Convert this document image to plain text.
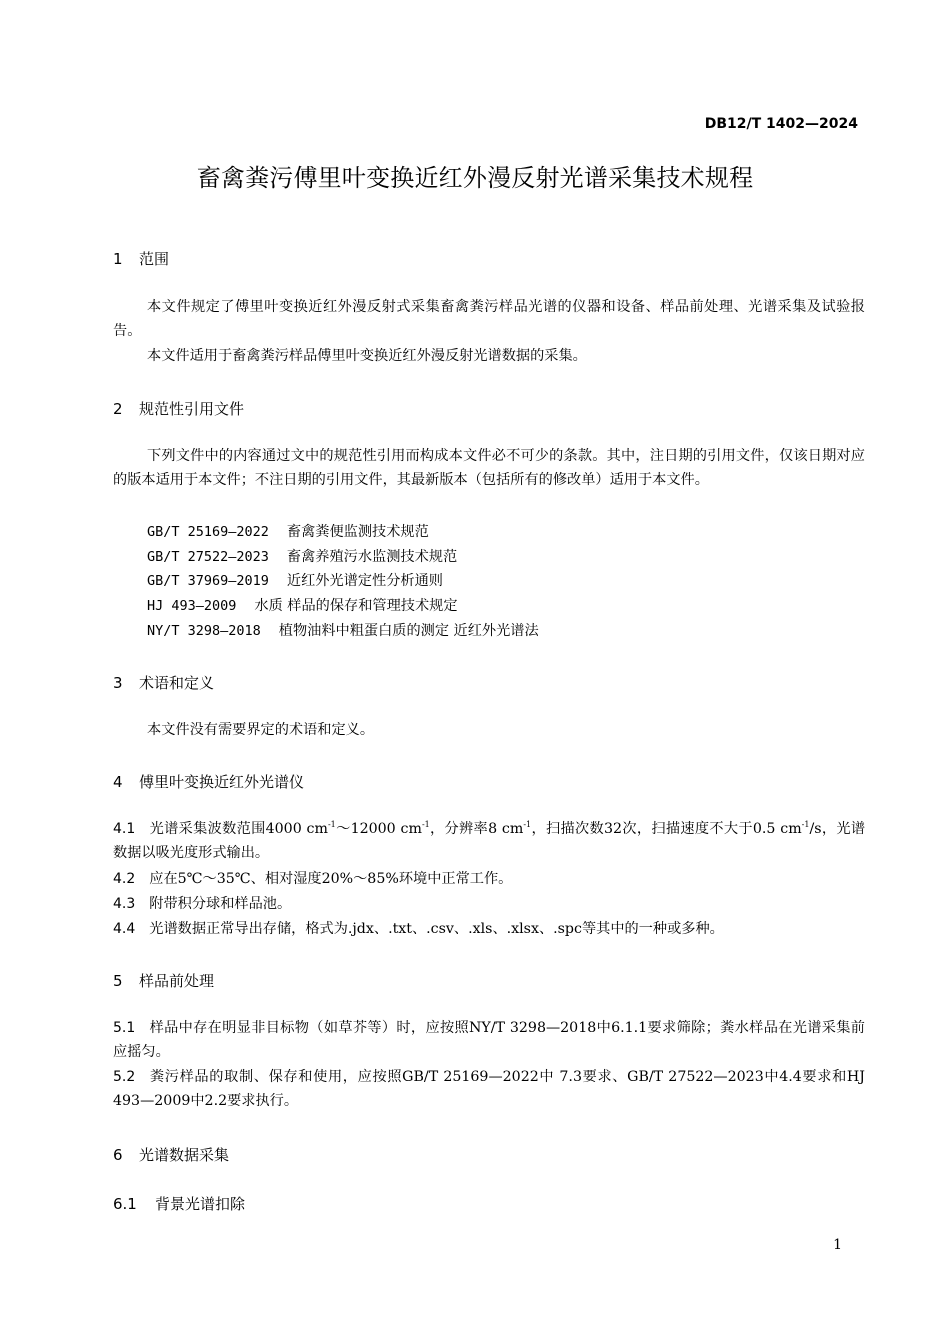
DB12/T 1402—2024
畜禽粪污傅里叶变换近红外漫反射光谱采集技术规程
1 范围
本文件规定了傅里叶变换近红外漫反射式采集畜禽粪污样品光谱的仪器和设备、样品前处理、光谱采集及试验报告。
本文件适用于畜禽粪污样品傅里叶变换近红外漫反射光谱数据的采集。
2 规范性引用文件
下列文件中的内容通过文中的规范性引用而构成本文件必不可少的条款。其中，注日期的引用文件，仅该日期对应的版本适用于本文件；不注日期的引用文件，其最新版本（包括所有的修改单）适用于本文件。
GB/T 25169—2022 畜禽粪便监测技术规范
GB/T 27522—2023 畜禽养殖污水监测技术规范
GB/T 37969—2019 近红外光谱定性分析通则
HJ 493—2009 水质 样品的保存和管理技术规定
NY/T 3298—2018 植物油料中粗蛋白质的测定 近红外光谱法
3 术语和定义
本文件没有需要界定的术语和定义。
4 傅里叶变换近红外光谱仪
4.1 光谱采集波数范围4000 $cm^{-1}\sim 12000$ $cm^{-1}$，分辨率8 $cm^{-1}$，扫描次数32次，扫描速度不大于0.5 $cm^{-1}/s$，光谱数据以吸光度形式输出。
4.2 应在5℃～35℃、相对湿度20%～85%环境中正常工作。
4.3 附带积分球和样品池。
4.4 光谱数据正常导出存储，格式为.jdx、.txt、.csv、.xls、.xlsx、.spc等其中的一种或多种。
5 样品前处理
5.1 样品中存在明显非目标物（如草芥等）时，应按照NY/T 3298—2018中6.1.1要求筛除；粪水样品在光谱采集前应摇匀。
5.2 粪污样品的取制、保存和使用，应按照GB/T 25169—2022中 7.3要求、GB/T 27522—2023中4.4要求和HJ 493—2009中2.2要求执行。
6 光谱数据采集
6.1 背景光谱扣除
1
